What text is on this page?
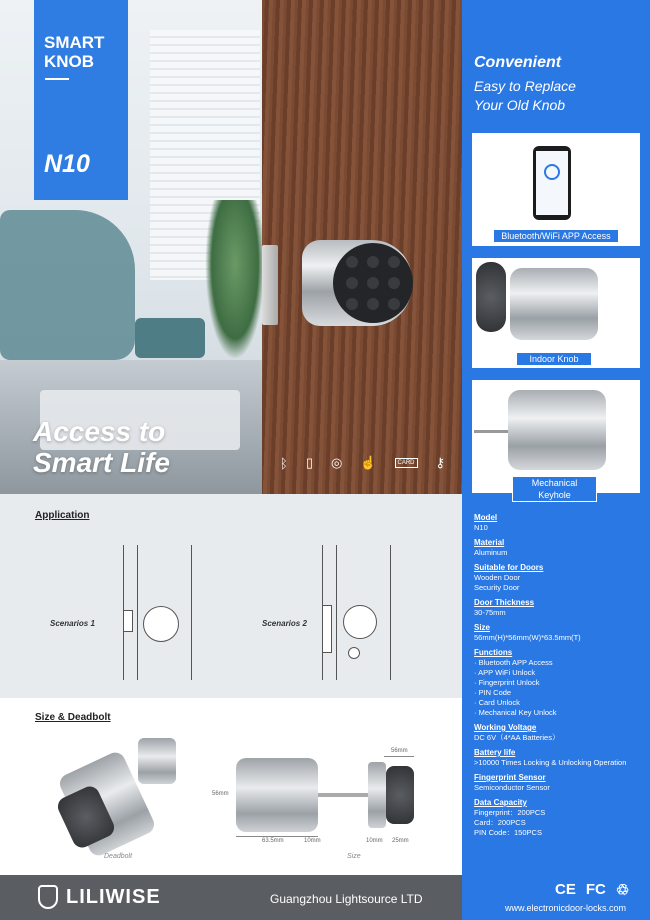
SMART
KNOB
N10
Access to
Smart Life	ᛒ ▯ ◎ ☝	CARD ⚷
Convenient
Easy to Replace
Your Old Knob
Bluetooth/WiFi APP Access
Indoor Knob
Mechanical Keyhole
Model
N10
Material
Aluminum
Suitable for Doors
Wooden Door
Security Door
Door Thickness
30-75mm
Size
56mm(H)*56mm(W)*63.5mm(T)
Functions
· Bluetooth APP Access
· APP WiFi Unlock
· Fingerprint Unlock
· PIN Code
· Card Unlock
· Mechanical Key Unlock
Working Voltage
DC 6V（4*AA Batteries）
Battery life
>10000 Times Locking & Unlocking Operation
Fingerprint Sensor
Semiconductor Sensor
Data Capacity
Fingerprint：200PCS
Card：200PCS
PIN Code：150PCS
Application
Scenarios 1	Scenarios 2
Size & Deadbolt
Deadbolt
56mm
63.5mm	10mm	10mm 25mm
56mm
Size
LILIWISE	Guangzhou Lightsource LTD
CE FC ♲
www.electronicdoor-locks.com
